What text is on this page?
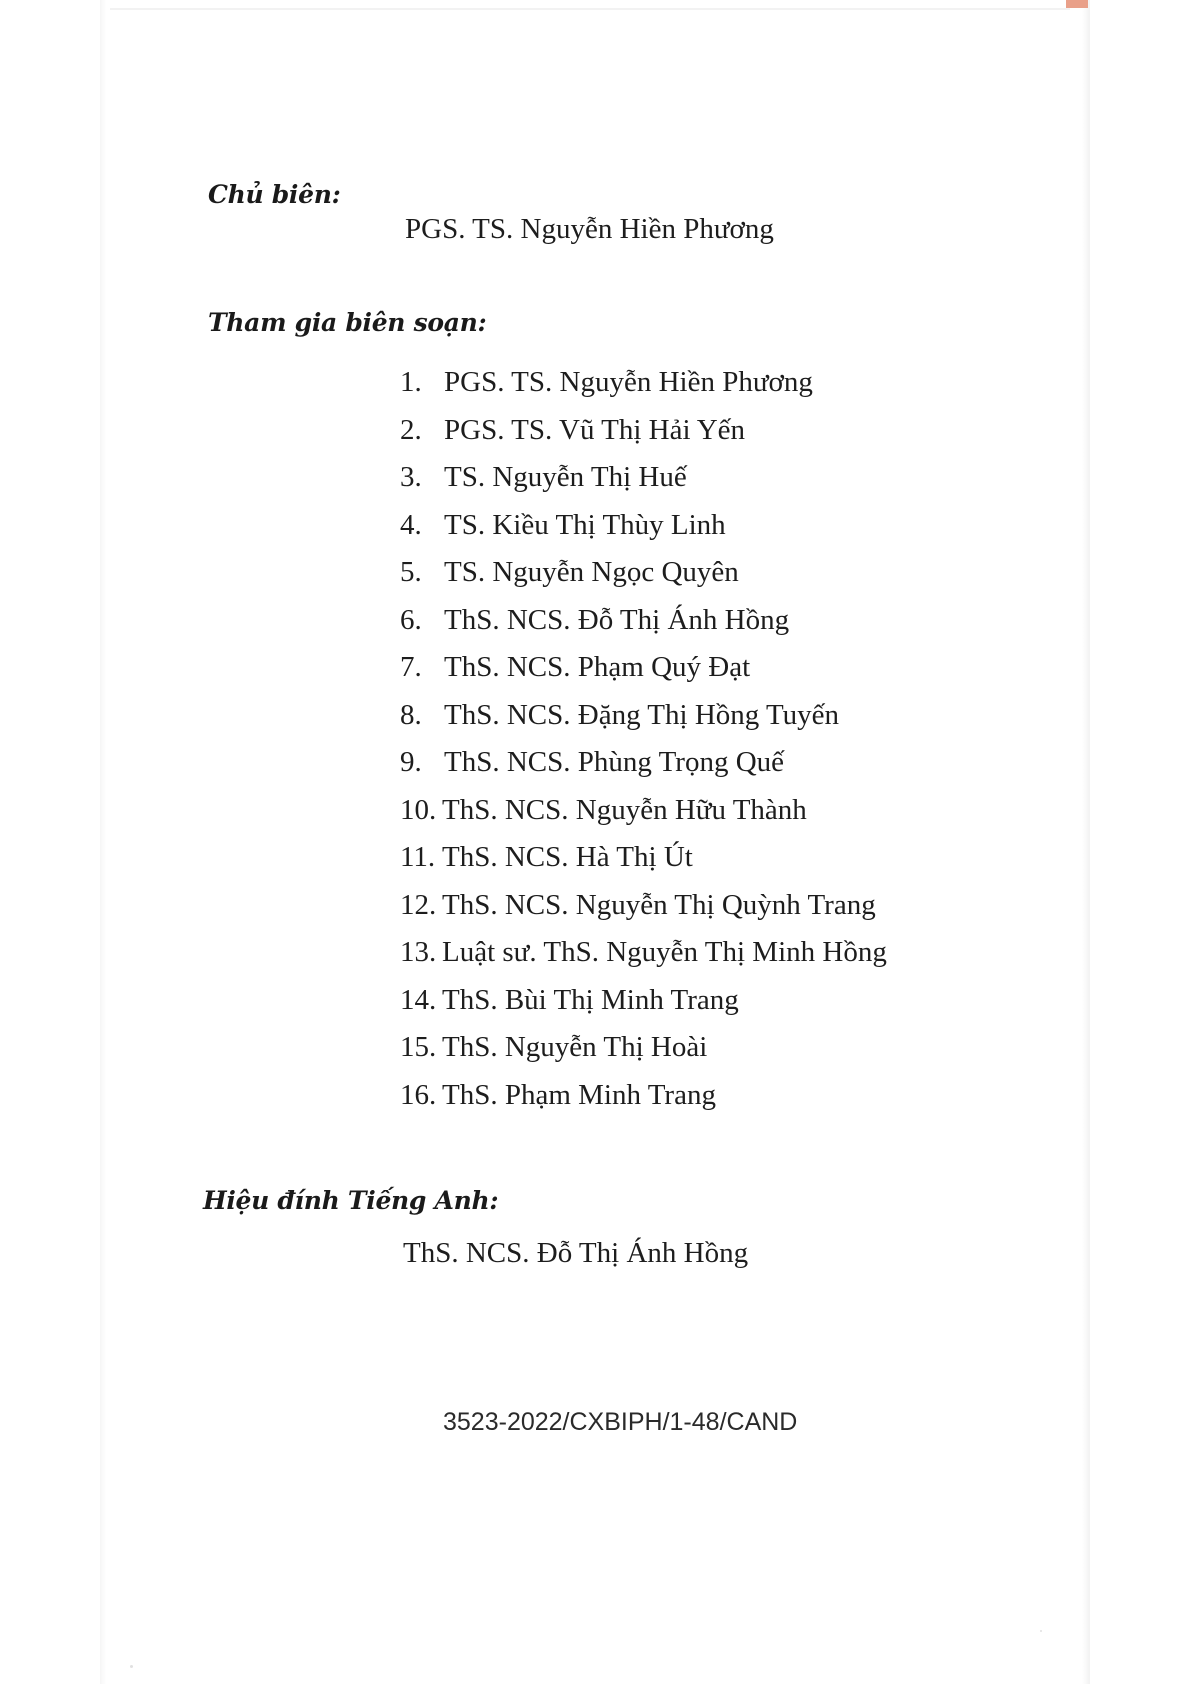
Chủ biên:
PGS. TS. Nguyễn Hiền Phương
Tham gia biên soạn:
1. PGS. TS. Nguyễn Hiền Phương
2. PGS. TS. Vũ Thị Hải Yến
3. TS. Nguyễn Thị Huế
4. TS. Kiều Thị Thùy Linh
5. TS. Nguyễn Ngọc Quyên
6. ThS. NCS. Đỗ Thị Ánh Hồng
7. ThS. NCS. Phạm Quý Đạt
8. ThS. NCS. Đặng Thị Hồng Tuyến
9. ThS. NCS. Phùng Trọng Quế
10. ThS. NCS. Nguyễn Hữu Thành
11. ThS. NCS. Hà Thị Út
12. ThS. NCS. Nguyễn Thị Quỳnh Trang
13. Luật sư. ThS. Nguyễn Thị Minh Hồng
14. ThS. Bùi Thị Minh Trang
15. ThS. Nguyễn Thị Hoài
16. ThS. Phạm Minh Trang
Hiệu đính Tiếng Anh:
ThS. NCS. Đỗ Thị Ánh Hồng
3523-2022/CXBIPH/1-48/CAND
